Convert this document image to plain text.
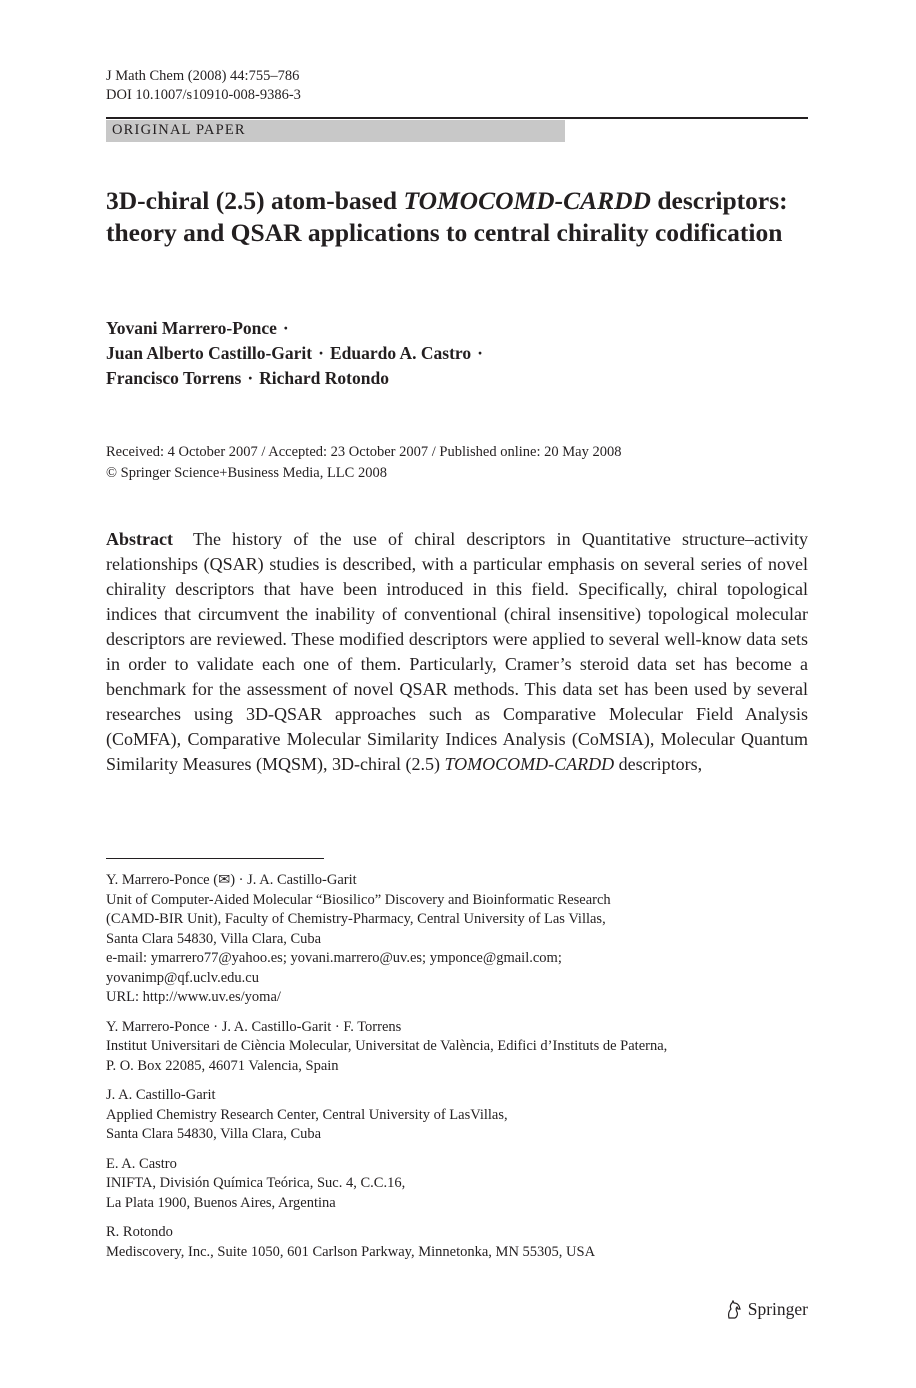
J Math Chem (2008) 44:755–786
DOI 10.1007/s10910-008-9386-3
ORIGINAL PAPER
3D-chiral (2.5) atom-based TOMOCOMD-CARDD descriptors: theory and QSAR applications to central chirality codification
Yovani Marrero-Ponce ·
Juan Alberto Castillo-Garit · Eduardo A. Castro ·
Francisco Torrens · Richard Rotondo
Received: 4 October 2007 / Accepted: 23 October 2007 / Published online: 20 May 2008
© Springer Science+Business Media, LLC 2008

Abstract The history of the use of chiral descriptors in Quantitative structure–activity relationships (QSAR) studies is described, with a particular emphasis on several series of novel chirality descriptors that have been introduced in this field. Specifically, chiral topological indices that circumvent the inability of conventional (chiral insensitive) topological molecular descriptors are reviewed. These modified descriptors were applied to several well-know data sets in order to validate each one of them. Particularly, Cramer’s steroid data set has become a benchmark for the assessment of novel QSAR methods. This data set has been used by several researches using 3D-QSAR approaches such as Comparative Molecular Field Analysis (CoMFA), Comparative Molecular Similarity Indices Analysis (CoMSIA), Molecular Quantum Similarity Measures (MQSM), 3D-chiral (2.5) TOMOCOMD-CARDD descriptors,

Y. Marrero-Ponce (✉) · J. A. Castillo-Garit
Unit of Computer-Aided Molecular “Biosilico” Discovery and Bioinformatic Research
(CAMD-BIR Unit), Faculty of Chemistry-Pharmacy, Central University of Las Villas,
Santa Clara 54830, Villa Clara, Cuba
e-mail: ymarrero77@yahoo.es; yovani.marrero@uv.es; ymponce@gmail.com;
yovanimp@qf.uclv.edu.cu
URL: http://www.uv.es/yoma/
Y. Marrero-Ponce · J. A. Castillo-Garit · F. Torrens
Institut Universitari de Ciència Molecular, Universitat de València, Edifici d’Instituts de Paterna,
P. O. Box 22085, 46071 Valencia, Spain
J. A. Castillo-Garit
Applied Chemistry Research Center, Central University of LasVillas,
Santa Clara 54830, Villa Clara, Cuba
E. A. Castro
INIFTA, División Química Teórica, Suc. 4, C.C.16,
La Plata 1900, Buenos Aires, Argentina
R. Rotondo
Mediscovery, Inc., Suite 1050, 601 Carlson Parkway, Minnetonka, MN 55305, USA
Springer
